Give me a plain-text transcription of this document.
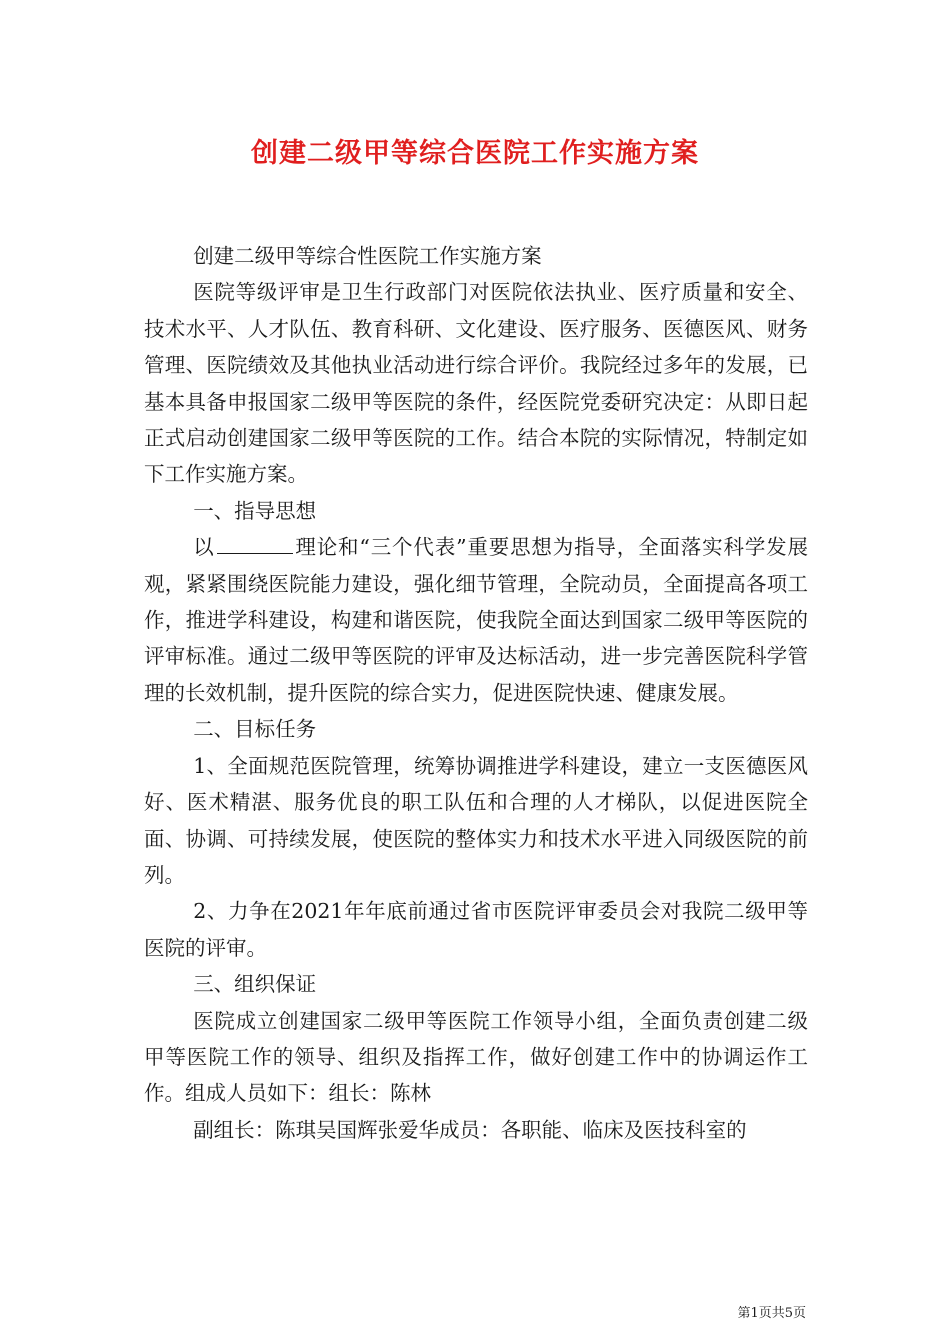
创建二级甲等综合医院工作实施方案

创建二级甲等综合性医院工作实施方案

医院等级评审是卫生行政部门对医院依法执业、医疗质量和安全、技术水平、人才队伍、教育科研、文化建设、医疗服务、医德医风、财务管理、医院绩效及其他执业活动进行综合评价。我院经过多年的发展，已基本具备申报国家二级甲等医院的条件，经医院党委研究决定：从即日起正式启动创建国家二级甲等医院的工作。结合本院的实际情况，特制定如下工作实施方案。

一、指导思想

以	理论和“三个代表”重要思想为指导，全面落实科学发展观，紧紧围绕医院能力建设，强化细节管理，全院动员，全面提高各项工作，推进学科建设，构建和谐医院，使我院全面达到国家二级甲等医院的评审标准。通过二级甲等医院的评审及达标活动，进一步完善医院科学管理的长效机制，提升医院的综合实力，促进医院快速、健康发展。

二、目标任务

1、全面规范医院管理，统筹协调推进学科建设，建立一支医德医风好、医术精湛、服务优良的职工队伍和合理的人才梯队，以促进医院全面、协调、可持续发展，使医院的整体实力和技术水平进入同级医院的前列。

2、力争在2021年年底前通过省市医院评审委员会对我院二级甲等医院的评审。

三、组织保证

医院成立创建国家二级甲等医院工作领导小组，全面负责创建二级甲等医院工作的领导、组织及指挥工作，做好创建工作中的协调运作工作。组成人员如下：组长：陈林

副组长：陈琪吴国辉张爱华成员：各职能、临床及医技科室的

第1页共5页
